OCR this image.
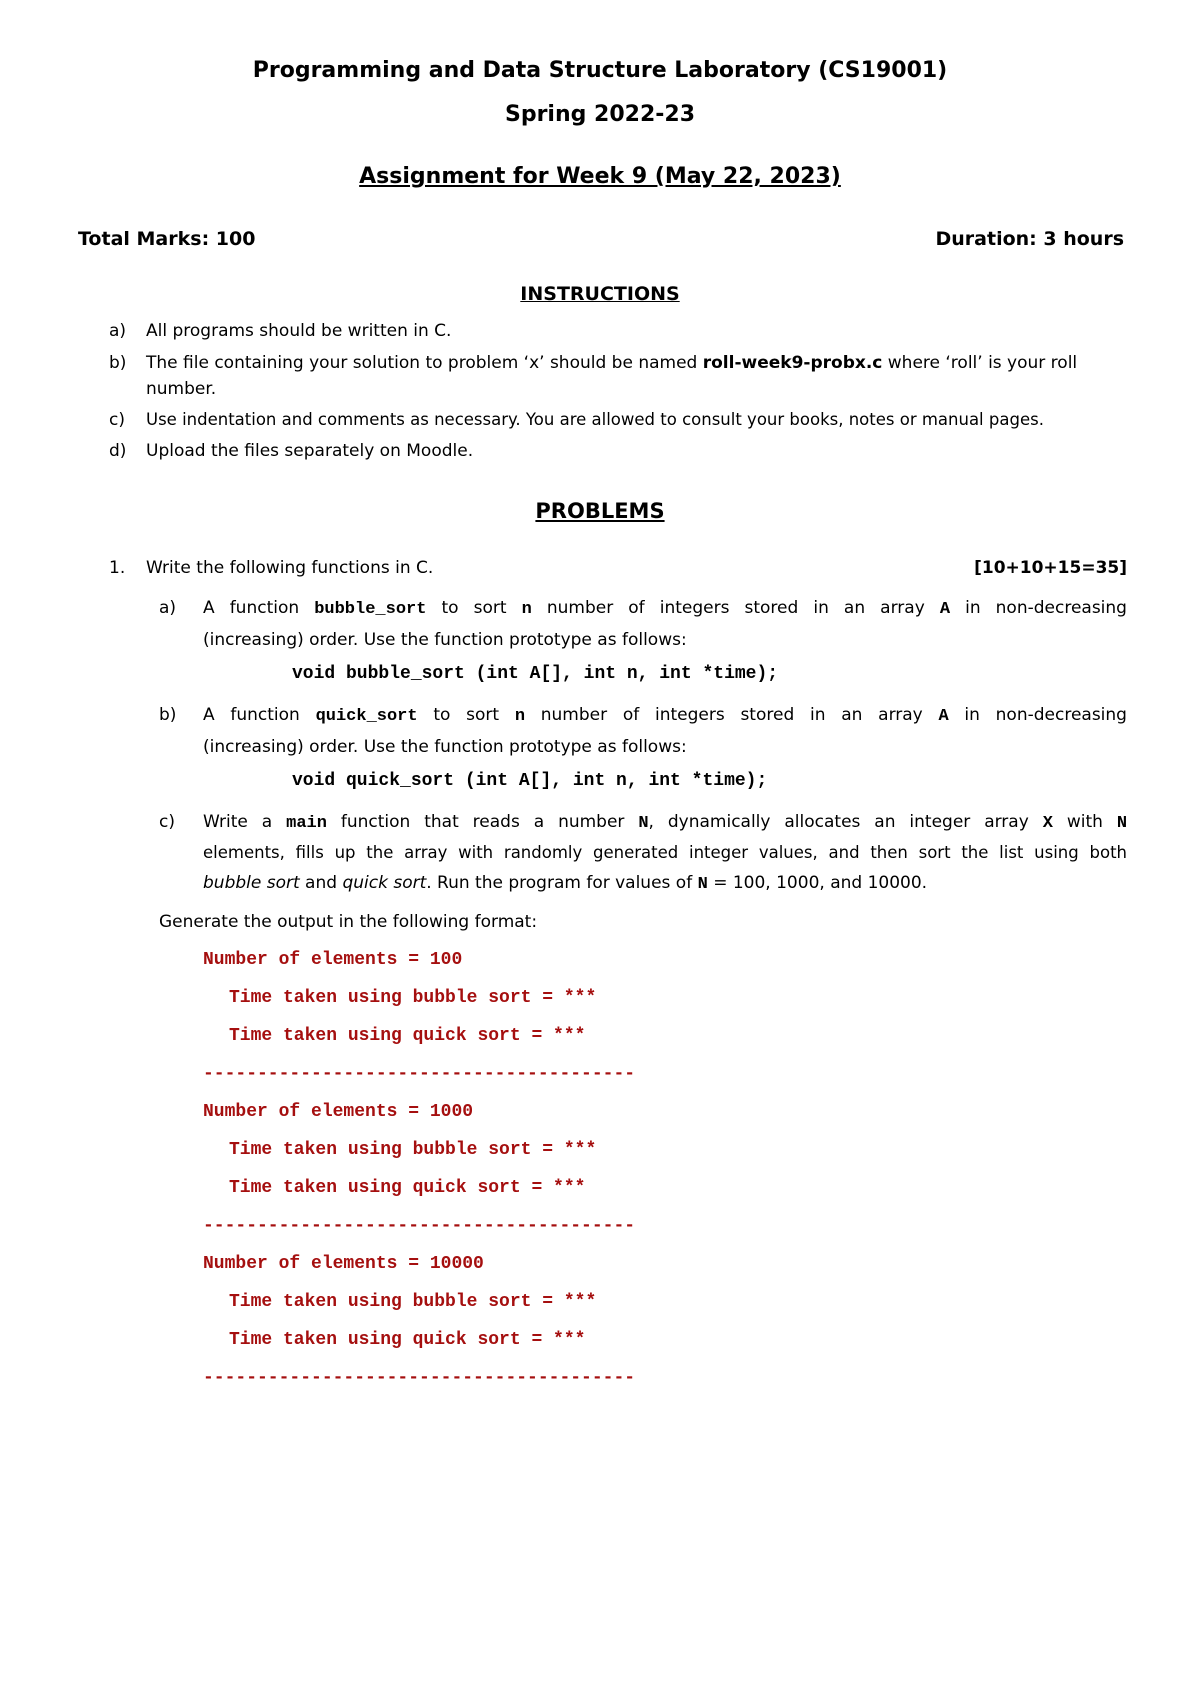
Programming and Data Structure Laboratory (CS19001)
Spring 2022-23
Assignment for Week 9 (May 22, 2023)
Total Marks: 100	Duration: 3 hours
INSTRUCTIONS
a) All programs should be written in C.
b) The file containing your solution to problem ‘x’ should be named roll-week9-probx.c where ‘roll’ is your roll
number.
c) Use indentation and comments as necessary. You are allowed to consult your books, notes or manual pages.
d) Upload the files separately on Moodle.
PROBLEMS
1. Write the following functions in C.	[10+10+15=35]
a) A function bubble_sort to sort n number of integers stored in an array A in non-decreasing
(increasing) order. Use the function prototype as follows:
void bubble_sort (int A[], int n, int *time);
b) A function quick_sort to sort n number of integers stored in an array A in non-decreasing
(increasing) order. Use the function prototype as follows:
void quick_sort (int A[], int n, int *time);
c) Write a main function that reads a number N, dynamically allocates an integer array X with N
elements, fills up the array with randomly generated integer values, and then sort the list using both
bubble sort and quick sort. Run the program for values of N = 100, 1000, and 10000.
Generate the output in the following format:
Number of elements = 100
Time taken using bubble sort = ***
Time taken using quick sort = ***
----------------------------------------
Number of elements = 1000
Time taken using bubble sort = ***
Time taken using quick sort = ***
----------------------------------------
Number of elements = 10000
Time taken using bubble sort = ***
Time taken using quick sort = ***
----------------------------------------
